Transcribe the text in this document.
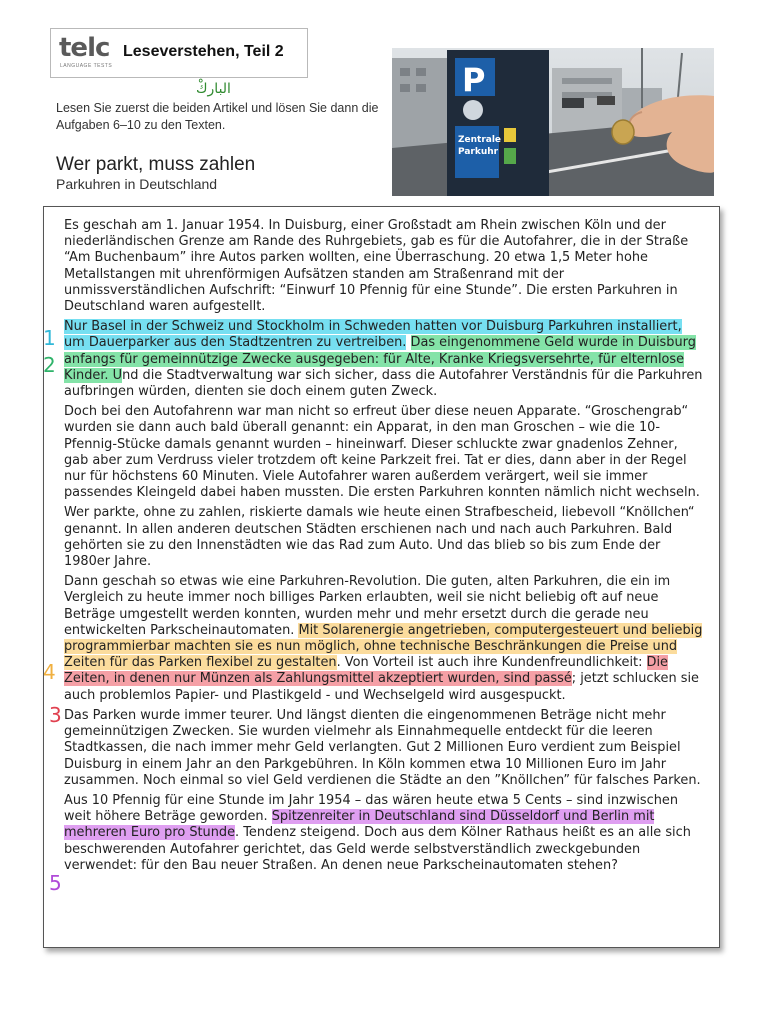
telc
LANGUAGE TESTS
Leseverstehen, Teil 2
الباركْ
Lesen Sie zuerst die beiden Artikel und lösen Sie dann die Aufgaben 6–10 zu den Texten.
Wer parkt, muss zahlen
Parkuhren in Deutschland
P
Zentrale
Parkuhr

Es geschah am 1. Januar 1954. In Duisburg, einer Großstadt am Rhein zwischen Köln und der niederländischen Grenze am Rande des Ruhrgebiets, gab es für die Autofahrer, die in der Straße “Am Buchenbaum” ihre Autos parken wollten, eine Überraschung. 20 etwa 1,5 Meter hohe Metallstangen mit uhrenförmigen Aufsätzen standen am Straßenrand mit der unmissverständlichen Aufschrift: “Einwurf 10 Pfennig für eine Stunde”. Die ersten Parkuhren in Deutschland waren aufgestellt.

Nur Basel in der Schweiz und Stockholm in Schweden hatten vor Duisburg Parkuhren installiert, um Dauerparker aus den Stadtzentren zu vertreiben. Das eingenommene Geld wurde in Duisburg anfangs für gemeinnützige Zwecke ausgegeben: für Alte, Kranke Kriegsversehrte, für elternlose Kinder. Und die Stadtverwaltung war sich sicher, dass die Autofahrer Verständnis für die Parkuhren aufbringen würden, dienten sie doch einem guten Zweck.

Doch bei den Autofahrenn war man nicht so erfreut über diese neuen Apparate. “Groschengrab“ wurden sie dann auch bald überall genannt: ein Apparat, in den man Groschen – wie die 10-Pfennig-Stücke damals genannt wurden – hineinwarf. Dieser schluckte zwar gnadenlos Zehner, gab aber zum Verdruss vieler trotzdem oft keine Parkzeit frei. Tat er dies, dann aber in der Regel nur für höchstens 60 Minuten. Viele Autofahrer waren außerdem verärgert, weil sie immer passendes Kleingeld dabei haben mussten. Die ersten Parkuhren konnten nämlich nicht wechseln.

Wer parkte, ohne zu zahlen, riskierte damals wie heute einen Strafbescheid, liebevoll “Knöllchen“ genannt. In allen anderen deutschen Städten erschienen nach und nach auch Parkuhren. Bald gehörten sie zu den Innenstädten wie das Rad zum Auto. Und das blieb so bis zum Ende der 1980er Jahre.

Dann geschah so etwas wie eine Parkuhren-Revolution. Die guten, alten Parkuhren, die ein im Vergleich zu heute immer noch billiges Parken erlaubten, weil sie nicht beliebig oft auf neue Beträge umgestellt werden konnten, wurden mehr und mehr ersetzt durch die gerade neu entwickelten Parkscheinautomaten. Mit Solarenergie angetrieben, computergesteuert und beliebig programmierbar machten sie es nun möglich, ohne technische Beschränkungen die Preise und Zeiten für das Parken flexibel zu gestalten. Von Vorteil ist auch ihre Kundenfreundlichkeit: Die Zeiten, in denen nur Münzen als Zahlungsmittel akzeptiert wurden, sind passé; jetzt schlucken sie auch problemlos Papier- und Plastikgeld - und Wechselgeld wird ausgespuckt.

Das Parken wurde immer teurer. Und längst dienten die eingenommenen Beträge nicht mehr gemeinnützigen Zwecken. Sie wurden vielmehr als Einnahmequelle entdeckt für die leeren Stadtkassen, die nach immer mehr Geld verlangten. Gut 2 Millionen Euro verdient zum Beispiel Duisburg in einem Jahr an den Parkgebühren. In Köln kommen etwa 10 Millionen Euro im Jahr zusammen. Noch einmal so viel Geld verdienen die Städte an den ”Knöllchen” für falsches Parken.

Aus 10 Pfennig für eine Stunde im Jahr 1954 – das wären heute etwa 5 Cents – sind inzwischen weit höhere Beträge geworden. Spitzenreiter in Deutschland sind Düsseldorf und Berlin mit mehreren Euro pro Stunde. Tendenz steigend. Doch aus dem Kölner Rathaus heißt es an alle sich beschwerenden Autofahrer gerichtet, das Geld werde selbstverständlich zweckgebunden verwendet: für den Bau neuer Straßen. An denen neue Parkscheinautomaten stehen?

1
2
4
3
5
